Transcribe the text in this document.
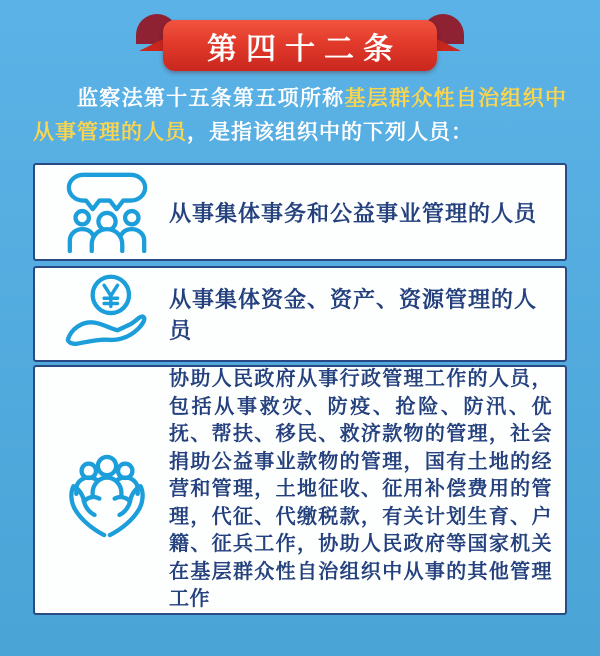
第四十二条

监察法第十五条第五项所称基层群众性自治组织中从事管理的人员，是指该组织中的下列人员：

从事集体事务和公益事业管理的人员
从事集体资金、资产、资源管理的人员
协助人民政府从事行政管理工作的人员，包括从事救灾、防疫、抢险、防汛、优抚、帮扶、移民、救济款物的管理，社会捐助公益事业款物的管理，国有土地的经营和管理，土地征收、征用补偿费用的管理，代征、代缴税款，有关计划生育、户籍、征兵工作，协助人民政府等国家机关在基层群众性自治组织中从事的其他管理工作
